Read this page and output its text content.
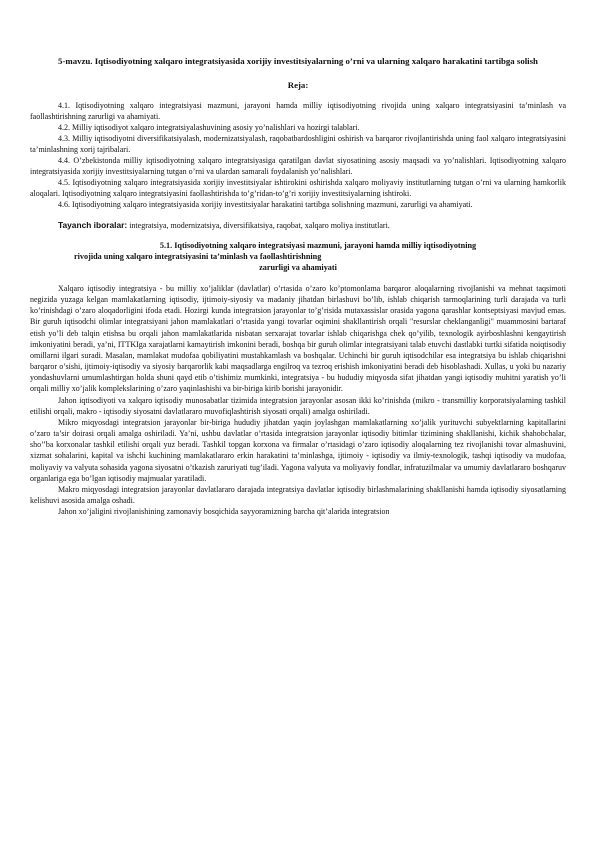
5-mavzu. Iqtisodiyotning xalqaro integratsiyasida xorijiy investitsiyalarning o’rni va ularning xalqaro harakatini tartibga solish
Reja:
4.1. Iqtisodiyotning xalqaro integratsiyasi mazmuni, jarayoni hamda milliy iqtisodiyotning rivojida uning xalqaro integratsiyasini ta’minlash va faollashtirishning zarurligi va ahamiyati.
4.2. Milliy iqtisodiyot xalqaro integratsiyalashuvining asosiy yo’nalishlari va hozirgi talablari.
4.3. Milliy iqtisodiyotni diversifikatsiyalash, modernizatsiyalash, raqobatbardoshligini oshirish va barqaror rivojlantirishda uning faol xalqaro integratsiyasini ta’minlashning xorij tajribalari.
4.4. O’zbekistonda milliy iqtisodiyotning xalqaro integratsiyasiga qaratilgan davlat siyosatining asosiy maqsadi va yo’nalishlari. Iqtisodiyotning xalqaro integratsiyasida xorijiy investitsiyalarning tutgan o’rni va ulardan samarali foydalanish yo’nalishlari.
4.5. Iqtisodiyotning xalqaro integratsiyasida xorijiy investitsiyalar ishtirokini oshirishda xalqaro moliyaviy institutlarning tutgan o’rni va ularning hamkorlik aloqalari. Iqtisodiyotning xalqaro integratsiyasini faollashtirishda to’g’ridan-to’g’ri xorijiy investitsiyalarning ishtiroki.
4.6. Iqtisodiyotning xalqaro integratsiyasida xorijiy investitsiyalar harakatini tartibga solishning mazmuni, zarurligi va ahamiyati.
Tayanch iboralar: integratsiya, modernizatsiya, diversifikatsiya, raqobat, xalqaro moliya institutlari.
5.1. Iqtisodiyotning xalqaro integratsiyasi mazmuni, jarayoni hamda milliy iqtisodiyotning
rivojida uning xalqaro integratsiyasini ta’minlash va faollashtirishning
zarurligi va ahamiyati

Xalqaro iqtisodiy integratsiya - bu milliy xo’jaliklar (davlatlar) o’rtasida o’zaro ko’ptomonlama barqaror aloqalarning rivojlanishi va mehnat taqsimoti negizida yuzaga kelgan mamlakatlarning iqtisodiy, ijtimoiy-siyosiy va madaniy jihatdan birlashuvi bo’lib, ishlab chiqarish tarmoqlarining turli darajada va turli ko’rinishdagi o’zaro aloqadorligini ifoda etadi. Hozirgi kunda integratsion jarayonlar to’g’risida mutaxassislar orasida yagona qarashlar kontseptsiyasi mavjud emas. Bir guruh iqtisodchi olimlar integratsiyani jahon mamlakatlari o’rtasida yangi tovarlar oqimini shakllantirish orqali "resurslar cheklanganligi" muammosini bartaraf etish yo’li deb talqin etishsa bu orqali jahon mamlakatlarida nisbatan serxarajat tovarlar ishlab chiqarishga chek qo’yilib, texnologik ayirboshlashni kengaytirish imkoniyatini beradi, ya’ni, ITTKIga xarajatlarni kamaytirish imkonini beradi, boshqa bir guruh olimlar integratsiyani talab etuvchi dastlabki turtki sifatida noiqtisodiy omillarni ilgari suradi. Masalan, mamlakat mudofaa qobiliyatini mustahkamlash va boshqalar. Uchinchi bir guruh iqtisodchilar esa integratsiya bu ishlab chiqarishni barqaror o’sishi, ijtimoiy-iqtisodiy va siyosiy barqarorlik kabi maqsadlarga engilroq va tezroq erishish imkoniyatini beradi deb hisoblashadi. Xullas, u yoki bu nazariy yondashuvlarni umumlashtirgan holda shuni qayd etib o’tishimiz mumkinki, integratsiya - bu hududiy miqyosda sifat jihatdan yangi iqtisodiy muhitni yaratish yo’li orqali milliy xo’jalik komplekslarining o’zaro yaqinlashishi va bir-biriga kirib borishi jarayonidir.

Jahon iqtisodiyoti va xalqaro iqtisodiy munosabatlar tizimida integratsion jarayonlar asosan ikki ko’rinishda (mikro - transmilliy korporatsiyalarning tashkil etilishi orqali, makro - iqtisodiy siyosatni davlatlararo muvofiqlashtirish siyosati orqali) amalga oshiriladi.

Mikro miqyosdagi integratsion jarayonlar bir-biriga hududiy jihatdan yaqin joylashgan mamlakatlarning xo’jalik yurituvchi subyektlarning kapitallarini o’zaro ta’sir doirasi orqali amalga oshiriladi. Ya’ni, ushbu davlatlar o’rtasida integratsion jarayonlar iqtisodiy bitimlar tizimining shakllanishi, kichik shahobchalar, sho’’ba korxonalar tashkil etilishi orqali yuz beradi. Tashkil topgan korxona va firmalar o’rtasidagi o’zaro iqtisodiy aloqalarning tez rivojlanishi tovar almashuvini, xizmat sohalarini, kapital va ishchi kuchining mamlakatlararo erkin harakatini ta’minlashga, ijtimoiy - iqtisodiy va ilmiy-texnologik, tashqi iqtisodiy va mudofaa, moliyaviy va valyuta sohasida yagona siyosatni o’tkazish zaruriyati tug’iladi. Yagona valyuta va moliyaviy fondlar, infratuzilmalar va umumiy davlatlararo boshqaruv organlariga ega bo’lgan iqtisodiy majmualar yaratiladi.

Makro miqyosdagi integratsion jarayonlar davlatlararo darajada integratsiya davlatlar iqtisodiy birlashmalarining shakllanishi hamda iqtisodiy siyosatlarning kelishuvi asosida amalga oshadi.

Jahon xo’jaligini rivojlanishining zamonaviy bosqichida sayyoramizning barcha qit’alarida integratsion
